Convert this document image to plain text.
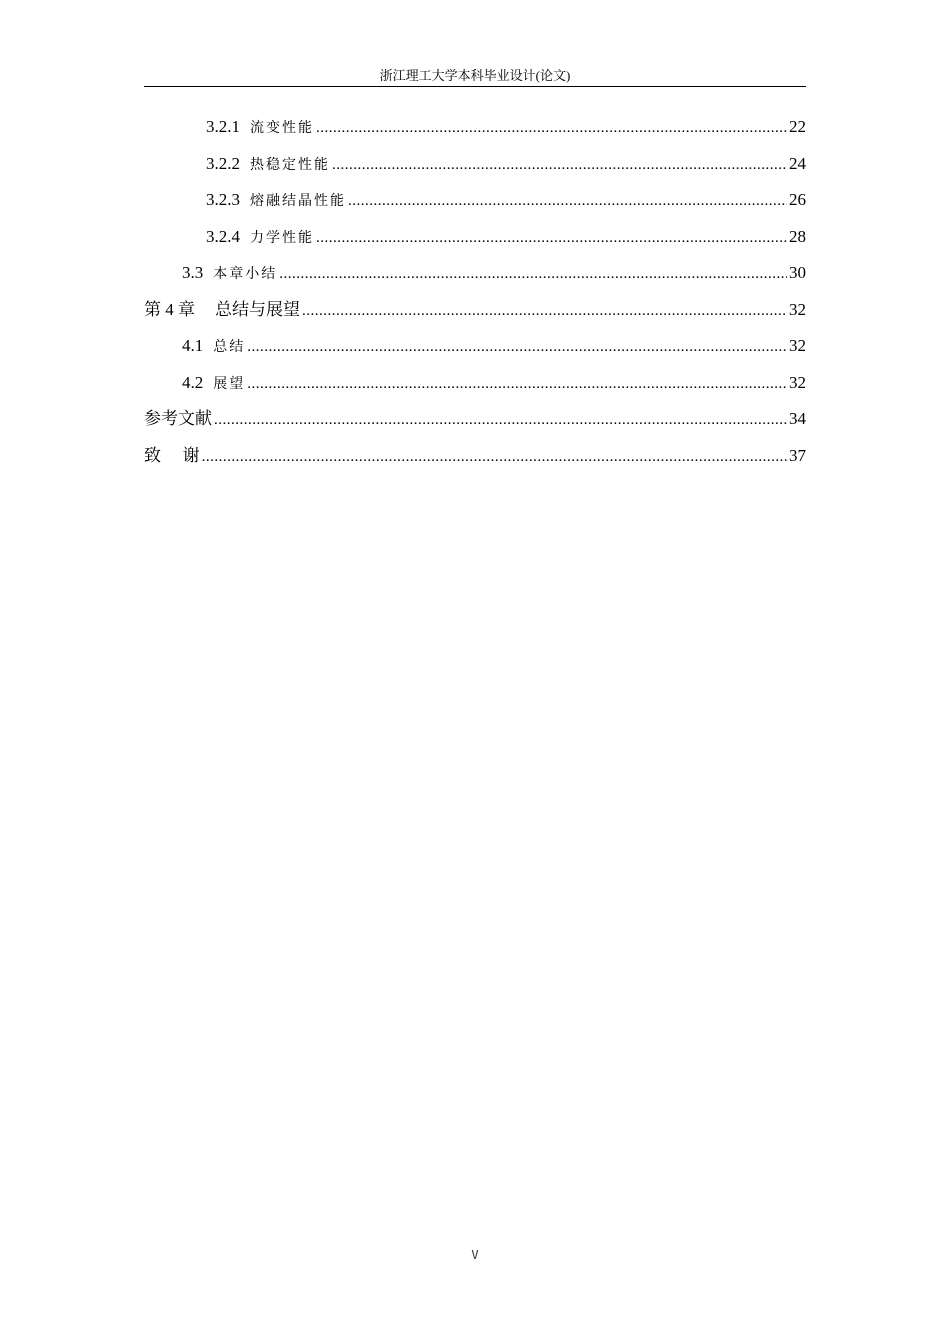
浙江理工大学本科毕业设计(论文)
3.2.1 流变性能 .....	22
3.2.2 热稳定性能 .....	24
3.2.3 熔融结晶性能 .....	26
3.2.4 力学性能 .....	28
3.3 本章小结 .....	30
第 4 章 总结与展望 .....	32
4.1 总结 .....	32
4.2 展望 .....	32
参考文献 .....	34
致    谢 .....	37
V
